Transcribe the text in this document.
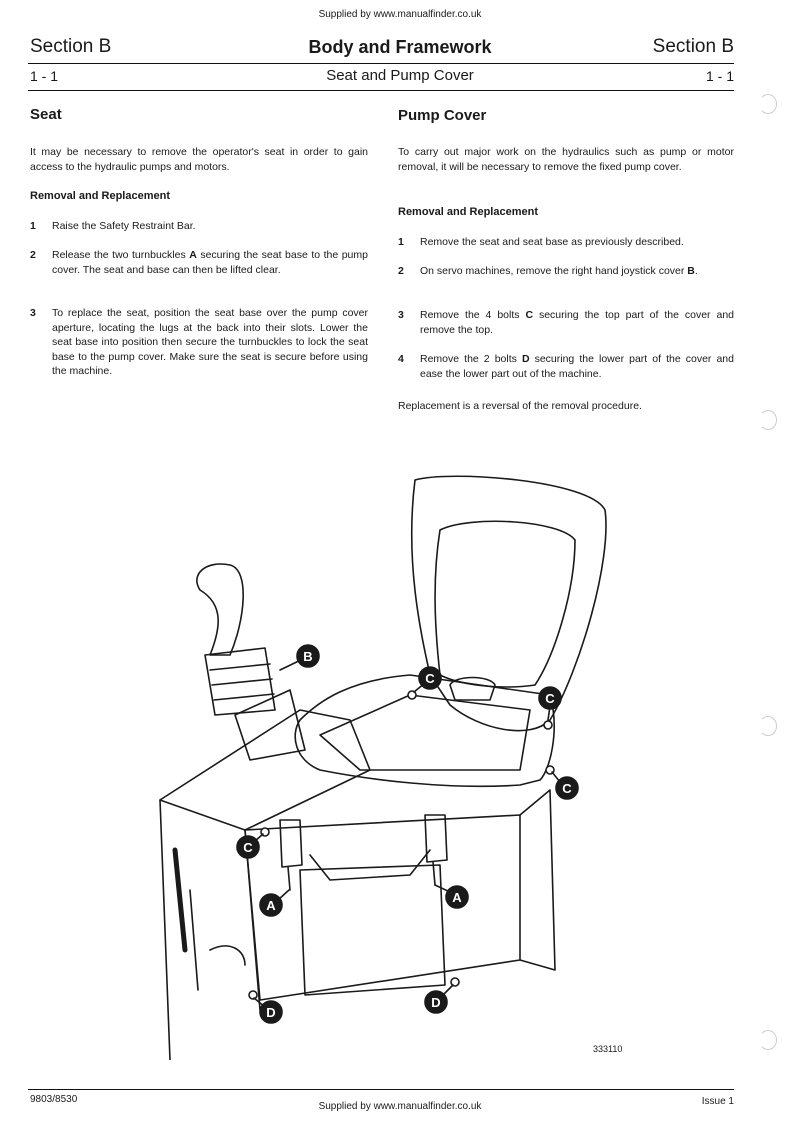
Supplied by www.manualfinder.co.uk
Section B	Body and Framework	Section B
1 - 1	Seat and Pump Cover	1 - 1
Seat
It may be necessary to remove the operator's seat in order to gain access to the hydraulic pumps and motors.
Removal and Replacement
1 Raise the Safety Restraint Bar.
2 Release the two turnbuckles A securing the seat base to the pump cover. The seat and base can then be lifted clear.
3 To replace the seat, position the seat base over the pump cover aperture, locating the lugs at the back into their slots. Lower the seat base into position then secure the turnbuckles to lock the seat base to the pump cover. Make sure the seat is secure before using the machine.
Pump Cover
To carry out major work on the hydraulics such as pump or motor removal, it will be necessary to remove the fixed pump cover.
Removal and Replacement
1 Remove the seat and seat base as previously described.
2 On servo machines, remove the right hand joystick cover B.
3 Remove the 4 bolts C securing the top part of the cover and remove the top.
4 Remove the 2 bolts D securing the lower part of the cover and ease the lower part out of the machine.
Replacement is a reversal of the removal procedure.
B
C
C
C
C
A
A
D
D
333110
9803/8530
Supplied by www.manualfinder.co.uk	Issue 1
